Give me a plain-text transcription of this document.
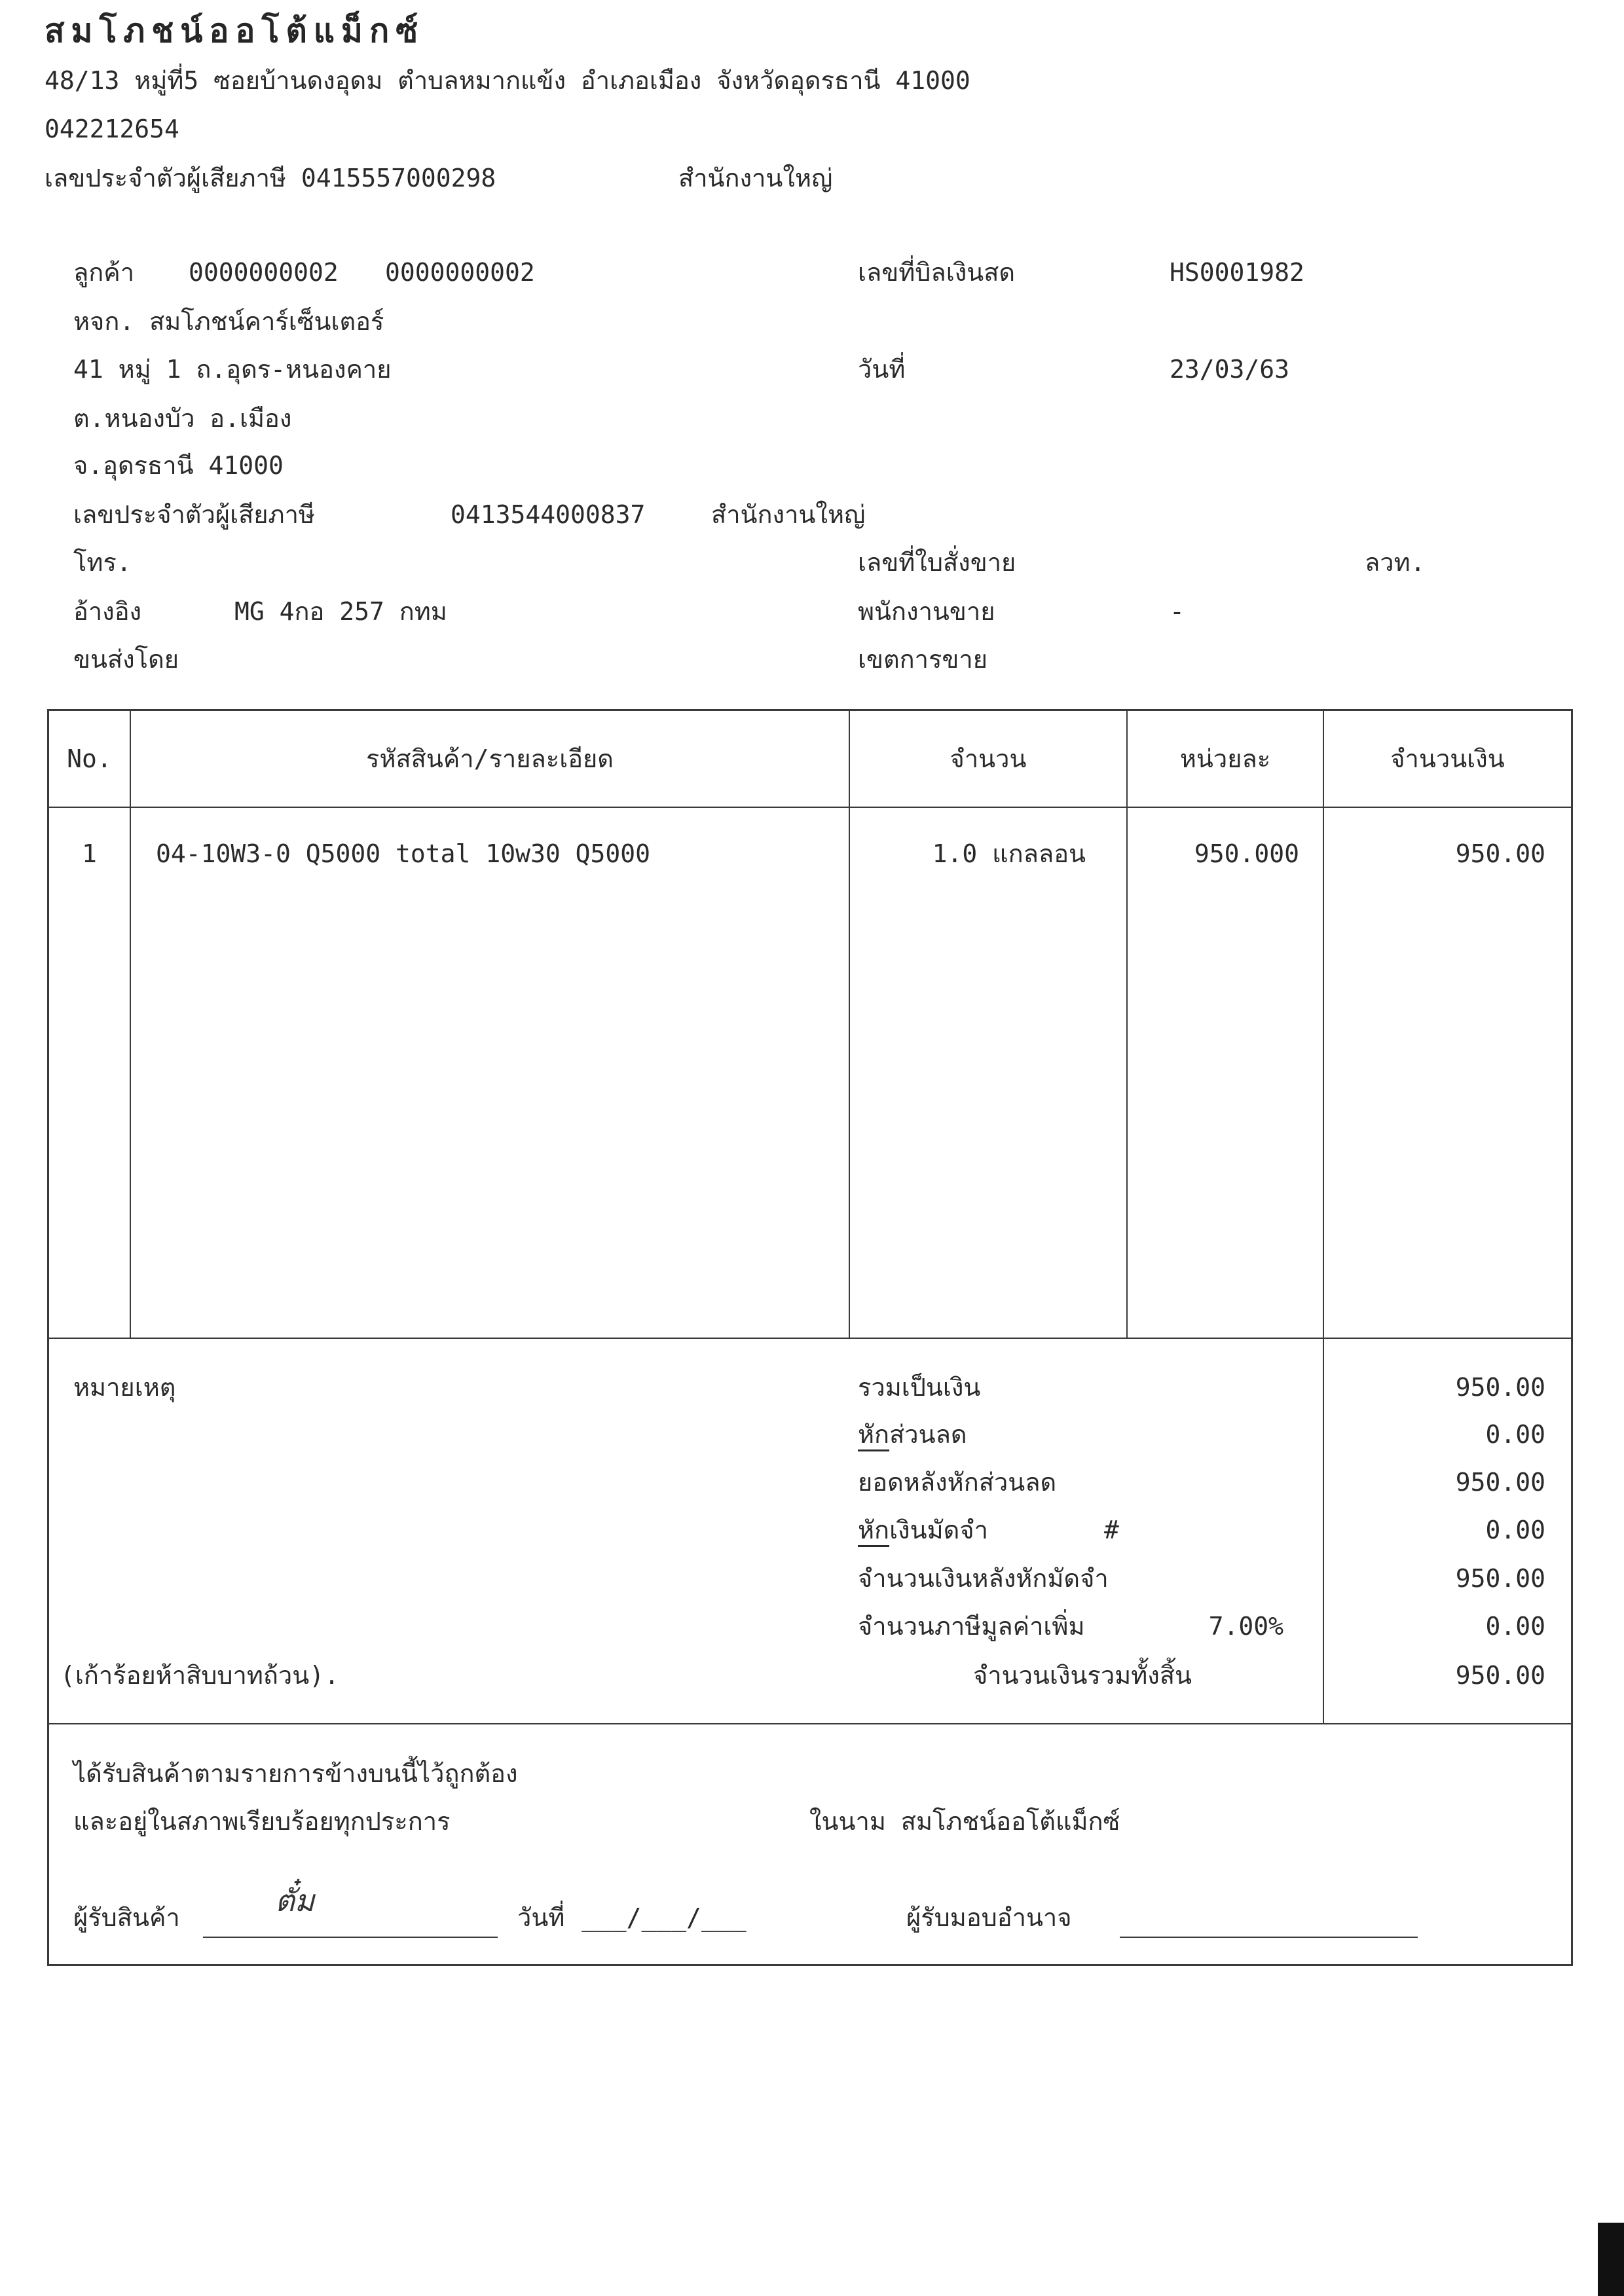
สมโภชน์ออโต้แม็กซ์
48/13 หมู่ที่5 ซอยบ้านดงอุดม ตำบลหมากแข้ง อำเภอเมือง จังหวัดอุดรธานี 41000
042212654
เลขประจำตัวผู้เสียภาษี 0415557000298	สำนักงานใหญ่
ลูกค้า 0000000002 0000000002
หจก. สมโภชน์คาร์เซ็นเตอร์
41 หมู่ 1 ถ.อุดร-หนองคาย
ต.หนองบัว อ.เมือง
จ.อุดรธานี 41000
เลขประจำตัวผู้เสียภาษี	0413544000837	สำนักงานใหญ่
โทร.
อ้างอิง	MG 4กอ 257 กทม
ขนส่งโดย
เลขที่บิลเงินสด	HS0001982
วันที่	23/03/63
เลขที่ใบสั่งขาย	ลวท.
พนักงานขาย	-
เขตการขาย
No.	รหัสสินค้า/รายละเอียด	จำนวน	หน่วยละ	จำนวนเงิน
1	04-10W3-0 Q5000 total 10w30 Q5000	1.0 แกลลอน	950.000	950.00
หมายเหตุ	รวมเป็นเงิน	950.00
หักส่วนลด	0.00
ยอดหลังหักส่วนลด	950.00
หักเงินมัดจำ	#	0.00
จำนวนเงินหลังหักมัดจำ	950.00
จำนวนภาษีมูลค่าเพิ่ม	7.00%	0.00
(เก้าร้อยห้าสิบบาทถ้วน).	จำนวนเงินรวมทั้งสิ้น	950.00
ได้รับสินค้าตามรายการข้างบนนี้ไว้ถูกต้อง
และอยู่ในสภาพเรียบร้อยทุกประการ	ในนาม สมโภชน์ออโต้แม็กซ์
ผู้รับสินค้า	ตั๋ม	วันที่ ___/___/___	ผู้รับมอบอำนาจ
